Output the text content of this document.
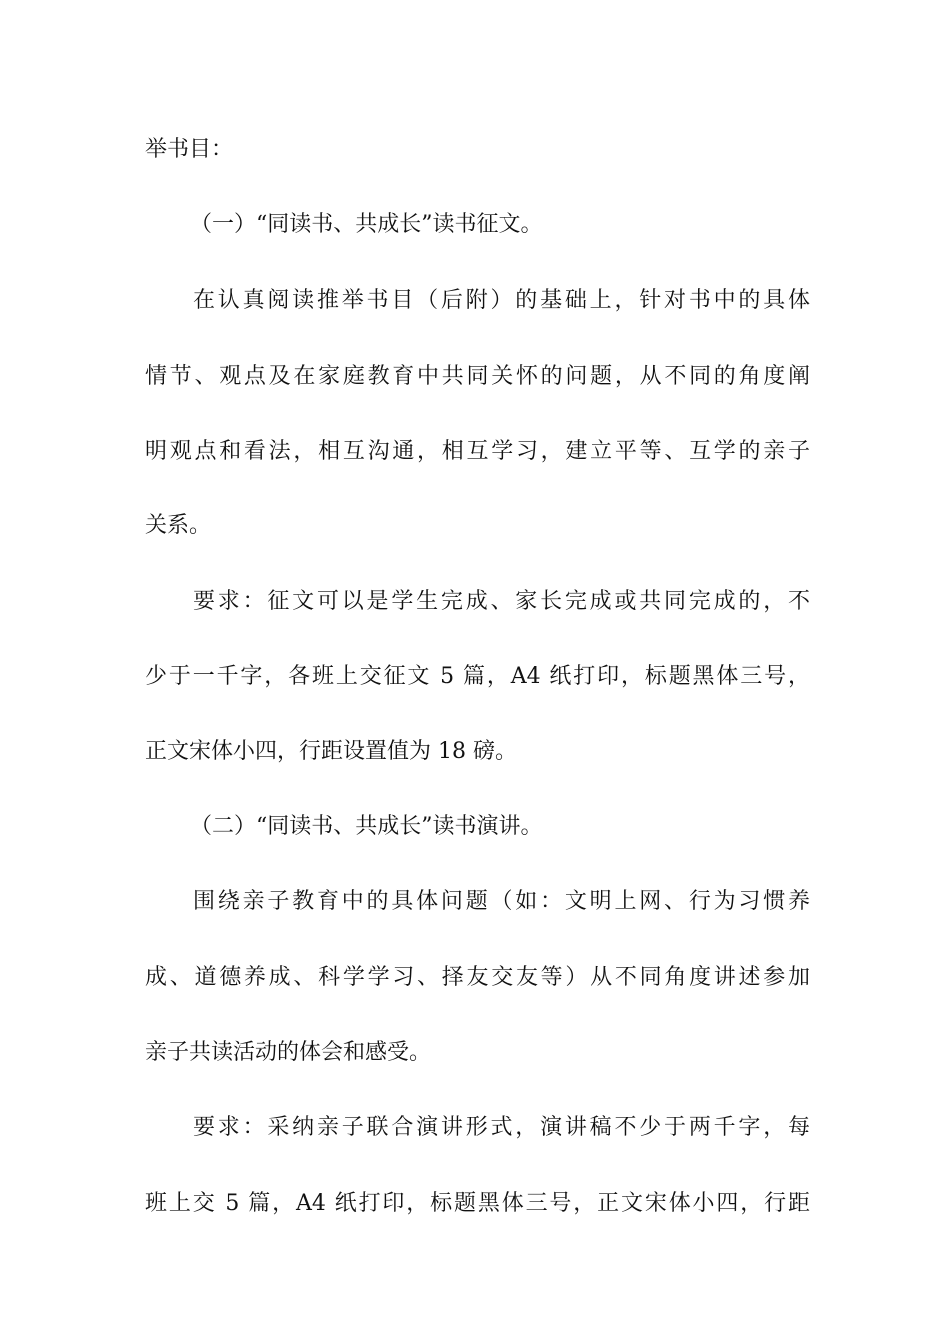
举书目：
（一）“同读书、共成长”读书征文。
在认真阅读推举书目（后附）的基础上，针对书中的具体
情节、观点及在家庭教育中共同关怀的问题，从不同的角度阐
明观点和看法，相互沟通，相互学习，建立平等、互学的亲子
关系。
要求：征文可以是学生完成、家长完成或共同完成的，不
少于一千字，各班上交征文 5 篇，A4 纸打印，标题黑体三号，
正文宋体小四，行距设置值为 18 磅。
（二）“同读书、共成长”读书演讲。
围绕亲子教育中的具体问题（如：文明上网、行为习惯养
成、道德养成、科学学习、择友交友等）从不同角度讲述参加
亲子共读活动的体会和感受。
要求：采纳亲子联合演讲形式，演讲稿不少于两千字，每
班上交 5 篇，A4 纸打印，标题黑体三号，正文宋体小四，行距
